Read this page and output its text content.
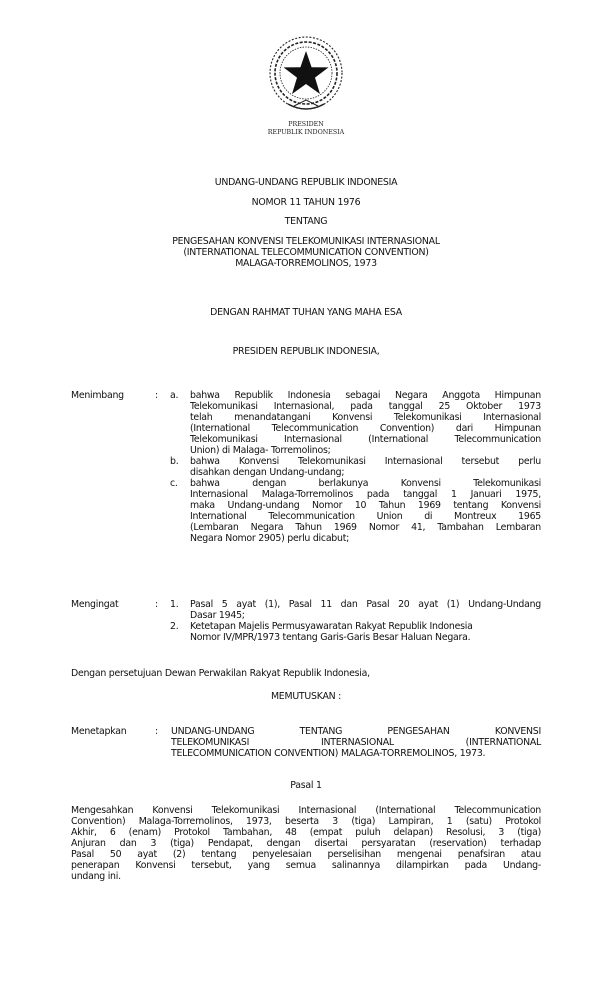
PRESIDEN
REPUBLIK INDONESIA
UNDANG-UNDANG REPUBLIK INDONESIA
NOMOR 11 TAHUN 1976
TENTANG
PENGESAHAN KONVENSI TELEKOMUNIKASI INTERNASIONAL
(INTERNATIONAL TELECOMMUNICATION CONVENTION)
MALAGA-TORREMOLINOS, 1973
DENGAN RAHMAT TUHAN YANG MAHA ESA
PRESIDEN REPUBLIK INDONESIA,
Menimbang	: a. bahwa Republik Indonesia sebagai Negara Anggota Himpunan
Telekomunikasi Internasional, pada tanggal 25 Oktober 1973
telah menandatangani Konvensi Telekomunikasi Internasional
(International Telecommunication Convention) dari Himpunan
Telekomunikasi Internasional (International Telecommunication
Union) di Malaga- Torremolinos;
b. bahwa Konvensi Telekomunikasi Internasional tersebut perlu
disahkan dengan Undang-undang;
c. bahwa dengan berlakunya Konvensi Telekomunikasi
Internasional Malaga-Torremolinos pada tanggal 1 Januari 1975,
maka Undang-undang Nomor 10 Tahun 1969 tentang Konvensi
International Telecommunication Union di Montreux 1965
(Lembaran Negara Tahun 1969 Nomor 41, Tambahan Lembaran
Negara Nomor 2905) perlu dicabut;
Mengingat	: 1. Pasal 5 ayat (1), Pasal 11 dan Pasal 20 ayat (1) Undang-Undang
Dasar 1945;
2. Ketetapan Majelis Permusyawaratan Rakyat Republik Indonesia
Nomor IV/MPR/1973 tentang Garis-Garis Besar Haluan Negara.
Dengan persetujuan Dewan Perwakilan Rakyat Republik Indonesia,
MEMUTUSKAN :
Menetapkan	: UNDANG-UNDANG TENTANG PENGESAHAN KONVENSI
TELEKOMUNIKASI INTERNASIONAL (INTERNATIONAL
TELECOMMUNICATION CONVENTION) MALAGA-TORREMOLINOS, 1973.
Pasal 1
Mengesahkan Konvensi Telekomunikasi Internasional (International Telecommunication
Convention) Malaga-Torremolinos, 1973, beserta 3 (tiga) Lampiran, 1 (satu) Protokol
Akhir, 6 (enam) Protokol Tambahan, 48 (empat puluh delapan) Resolusi, 3 (tiga)
Anjuran dan 3 (tiga) Pendapat, dengan disertai persyaratan (reservation) terhadap
Pasal 50 ayat (2) tentang penyelesaian perselisihan mengenai penafsiran atau
penerapan Konvensi tersebut, yang semua salinannya dilampirkan pada Undang-
undang ini.
